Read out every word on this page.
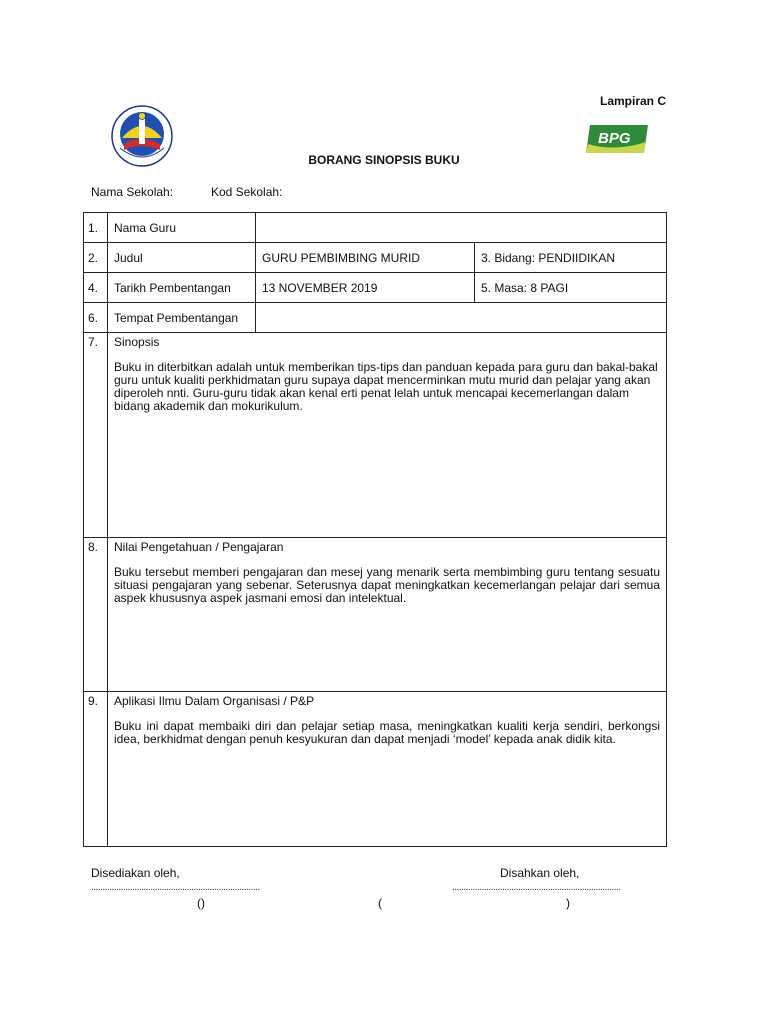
Lampiran C
BPG
BORANG SINOPSIS BUKU
Nama Sekolah:	Kod Sekolah:
1.	Nama Guru		
2.	Judul	GURU PEMBIMBING MURID	3. Bidang: PENDIIDIKAN
4.	Tarikh Pembentangan	13 NOVEMBER 2019	5. Masa: 8 PAGI
6.	Tempat Pembentangan		
7.	Sinopsis
Buku in diterbitkan adalah untuk memberikan tips-tips dan panduan kepada para guru dan bakal-bakal guru untuk kualiti perkhidmatan guru supaya dapat mencerminkan mutu murid dan pelajar yang akan diperoleh nnti. Guru-guru tidak akan kenal erti penat lelah untuk mencapai kecemerlangan dalam bidang akademik dan mokurikulum.		

8.	Nilai Pengetahuan / Pengajaran
Buku tersebut memberi pengajaran dan mesej yang menarik serta membimbing guru tentang sesuatu situasi pengajaran yang sebenar. Seterusnya dapat meningkatkan kecemerlangan pelajar dari semua aspek khususnya aspek jasmani emosi dan intelektual.		

9.	Aplikasi Ilmu Dalam Organisasi / P&P
Buku ini dapat membaiki diri dan pelajar setiap masa, meningkatkan kualiti kerja sendiri, berkongsi idea, berkhidmat dengan penuh kesyukuran dan dapat menjadi ‘model’ kepada anak didik kita.		
Disediakan oleh,	Disahkan oleh,
..........................................................................	..........................................................................
()	(	)
